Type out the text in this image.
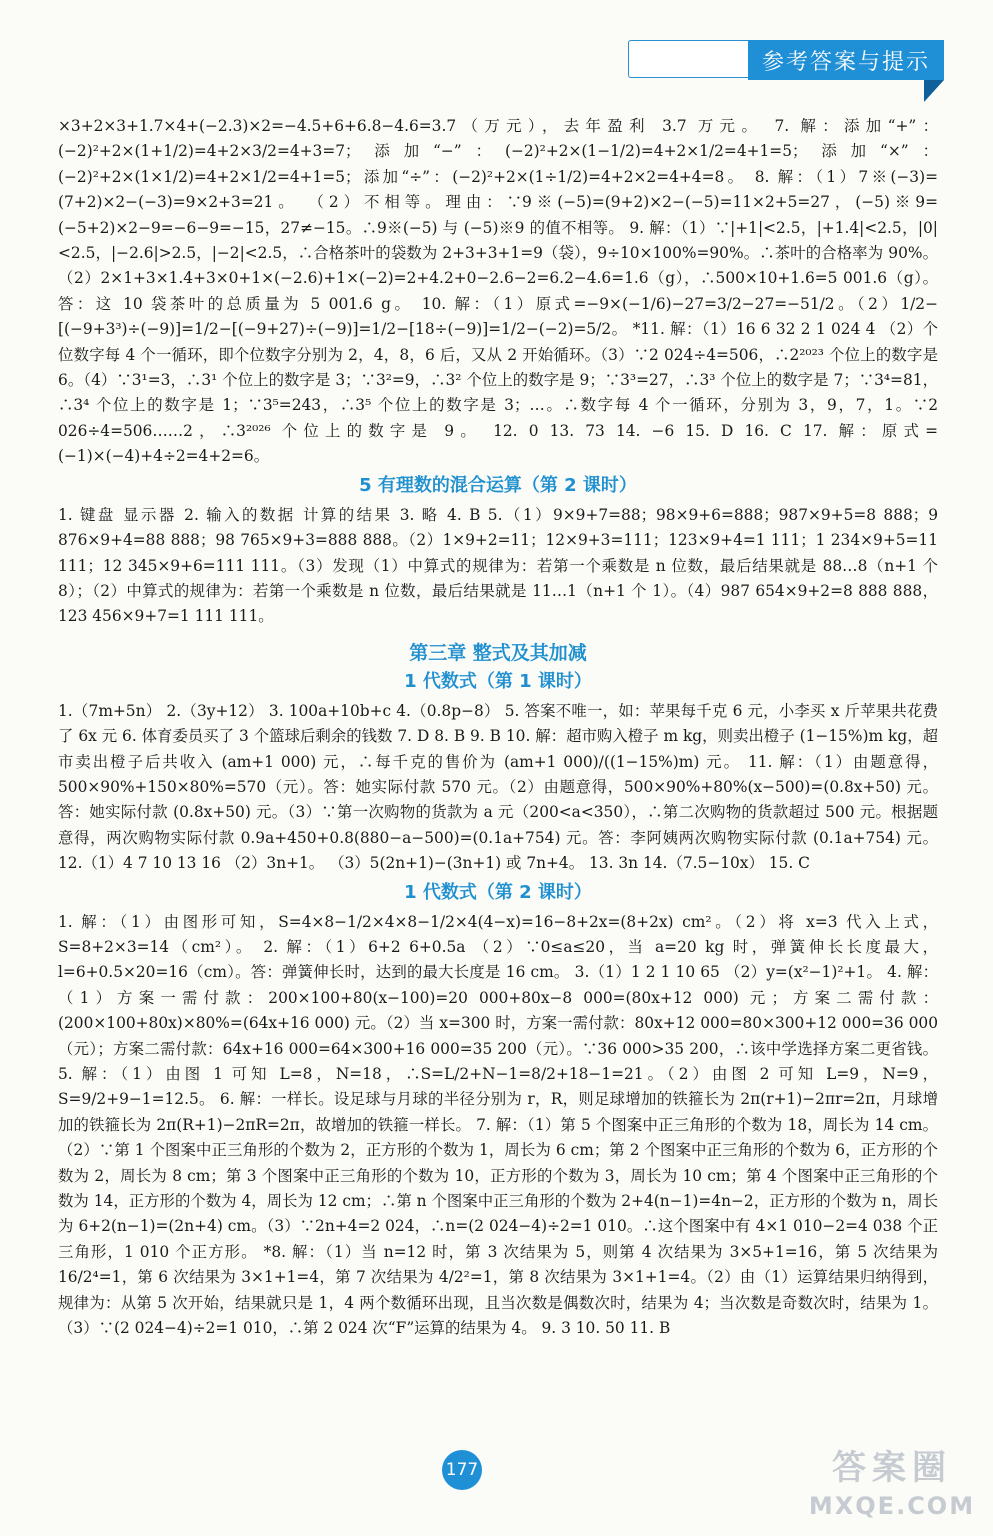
参考答案与提示
×3+2×3+1.7×4+(−2.3)×2=−4.5+6+6.8−4.6=3.7（万元），去年盈利 3.7 万元。 7. 解：添加“+”：(−2)²+2×(1+1/2)=4+2×3/2=4+3=7；添加“−”：(−2)²+2×(1−1/2)=4+2×1/2=4+1=5；添加“×”：(−2)²+2×(1×1/2)=4+2×1/2=4+1=5；添加“÷”：(−2)²+2×(1÷1/2)=4+2×2=4+4=8。 8. 解：（1）7※(−3)=(7+2)×2−(−3)=9×2+3=21。 （2）不相等。理由：∵9※(−5)=(9+2)×2−(−5)=11×2+5=27，(−5)※9=(−5+2)×2−9=−6−9=−15，27≠−15。∴9※(−5) 与 (−5)※9 的值不相等。 9. 解：（1）∵|+1|<2.5，|+1.4|<2.5，|0|<2.5，|−2.6|>2.5，|−2|<2.5，∴合格茶叶的袋数为 2+3+3+1=9（袋），9÷10×100%=90%。∴茶叶的合格率为 90%。（2）2×1+3×1.4+3×0+1×(−2.6)+1×(−2)=2+4.2+0−2.6−2=6.2−4.6=1.6（g），∴500×10+1.6=5 001.6（g）。答：这 10 袋茶叶的总质量为 5 001.6 g。 10. 解：（1）原式=−9×(−1/6)−27=3/2−27=−51/2。（2）1/2−[(−9+3³)÷(−9)]=1/2−[(−9+27)÷(−9)]=1/2−[18÷(−9)]=1/2−(−2)=5/2。 *11. 解：（1）16 6 32 2 1 024 4 （2）个位数字每 4 个一循环，即个位数字分别为 2，4，8，6 后，又从 2 开始循环。（3）∵2 024÷4=506，∴2²⁰²³ 个位上的数字是 6。（4）∵3¹=3，∴3¹ 个位上的数字是 3；∵3²=9，∴3² 个位上的数字是 9；∵3³=27，∴3³ 个位上的数字是 7；∵3⁴=81，∴3⁴ 个位上的数字是 1；∵3⁵=243，∴3⁵ 个位上的数字是 3；…。∴数字每 4 个一循环，分别为 3，9，7，1。∵2 026÷4=506……2，∴3²⁰²⁶ 个位上的数字是 9。 12. 0 13. 73 14. −6 15. D 16. C 17. 解：原式=(−1)×(−4)+4÷2=4+2=6。
5 有理数的混合运算（第 2 课时）
1. 键盘 显示器 2. 输入的数据 计算的结果 3. 略 4. B 5.（1）9×9+7=88；98×9+6=888；987×9+5=8 888；9 876×9+4=88 888；98 765×9+3=888 888。（2）1×9+2=11；12×9+3=111；123×9+4=1 111；1 234×9+5=11 111；12 345×9+6=111 111。（3）发现（1）中算式的规律为：若第一个乘数是 n 位数，最后结果就是 88…8（n+1 个 8）；（2）中算式的规律为：若第一个乘数是 n 位数，最后结果就是 11…1（n+1 个 1）。（4）987 654×9+2=8 888 888，123 456×9+7=1 111 111。
第三章 整式及其加减
1 代数式（第 1 课时）
1.（7m+5n） 2.（3y+12） 3. 100a+10b+c 4.（0.8p−8） 5. 答案不唯一，如：苹果每千克 6 元，小李买 x 斤苹果共花费了 6x 元 6. 体育委员买了 3 个篮球后剩余的钱数 7. D 8. B 9. B 10. 解：超市购入橙子 m kg，则卖出橙子 (1−15%)m kg，超市卖出橙子后共收入 (am+1 000) 元，∴每千克的售价为 (am+1 000)/((1−15%)m) 元。 11. 解：（1）由题意得，500×90%+150×80%=570（元）。答：她实际付款 570 元。（2）由题意得，500×90%+80%(x−500)=(0.8x+50) 元。答：她实际付款 (0.8x+50) 元。（3）∵第一次购物的货款为 a 元（200<a<350），∴第二次购物的货款超过 500 元。根据题意得，两次购物实际付款 0.9a+450+0.8(880−a−500)=(0.1a+754) 元。答：李阿姨两次购物实际付款 (0.1a+754) 元。 12.（1）4 7 10 13 16 （2）3n+1。 （3）5(2n+1)−(3n+1) 或 7n+4。 13. 3n 14.（7.5−10x） 15. C
1 代数式（第 2 课时）
1. 解：（1）由图形可知，S=4×8−1/2×4×8−1/2×4(4−x)=16−8+2x=(8+2x) cm²。（2）将 x=3 代入上式，S=8+2×3=14（cm²）。 2. 解：（1）6+2 6+0.5a （2）∵0≤a≤20，当 a=20 kg 时，弹簧伸长长度最大，l=6+0.5×20=16（cm）。答：弹簧伸长时，达到的最大长度是 16 cm。 3.（1）1 2 1 10 65 （2）y=(x²−1)²+1。 4. 解：（1）方案一需付款：200×100+80(x−100)=20 000+80x−8 000=(80x+12 000) 元；方案二需付款：(200×100+80x)×80%=(64x+16 000) 元。（2）当 x=300 时，方案一需付款：80x+12 000=80×300+12 000=36 000（元）；方案二需付款：64x+16 000=64×300+16 000=35 200（元）。∵36 000>35 200，∴该中学选择方案二更省钱。 5. 解：（1）由图 1 可知 L=8，N=18，∴S=L/2+N−1=8/2+18−1=21。（2）由图 2 可知 L=9，N=9，S=9/2+9−1=12.5。 6. 解：一样长。设足球与月球的半径分别为 r，R，则足球增加的铁箍长为 2π(r+1)−2πr=2π，月球增加的铁箍长为 2π(R+1)−2πR=2π，故增加的铁箍一样长。 7. 解：（1）第 5 个图案中正三角形的个数为 18，周长为 14 cm。（2）∵第 1 个图案中正三角形的个数为 2，正方形的个数为 1，周长为 6 cm；第 2 个图案中正三角形的个数为 6，正方形的个数为 2，周长为 8 cm；第 3 个图案中正三角形的个数为 10，正方形的个数为 3，周长为 10 cm；第 4 个图案中正三角形的个数为 14，正方形的个数为 4，周长为 12 cm；∴第 n 个图案中正三角形的个数为 2+4(n−1)=4n−2，正方形的个数为 n，周长为 6+2(n−1)=(2n+4) cm。（3）∵2n+4=2 024，∴n=(2 024−4)÷2=1 010。∴这个图案中有 4×1 010−2=4 038 个正三角形，1 010 个正方形。 *8. 解：（1）当 n=12 时，第 3 次结果为 5，则第 4 次结果为 3×5+1=16，第 5 次结果为 16/2⁴=1，第 6 次结果为 3×1+1=4，第 7 次结果为 4/2²=1，第 8 次结果为 3×1+1=4。（2）由（1）运算结果归纳得到，规律为：从第 5 次开始，结果就只是 1，4 两个数循环出现，且当次数是偶数次时，结果为 4；当次数是奇数次时，结果为 1。（3）∵(2 024−4)÷2=1 010，∴第 2 024 次“F”运算的结果为 4。 9. 3 10. 50 11. B
177	答案圈
MXQE.COM
